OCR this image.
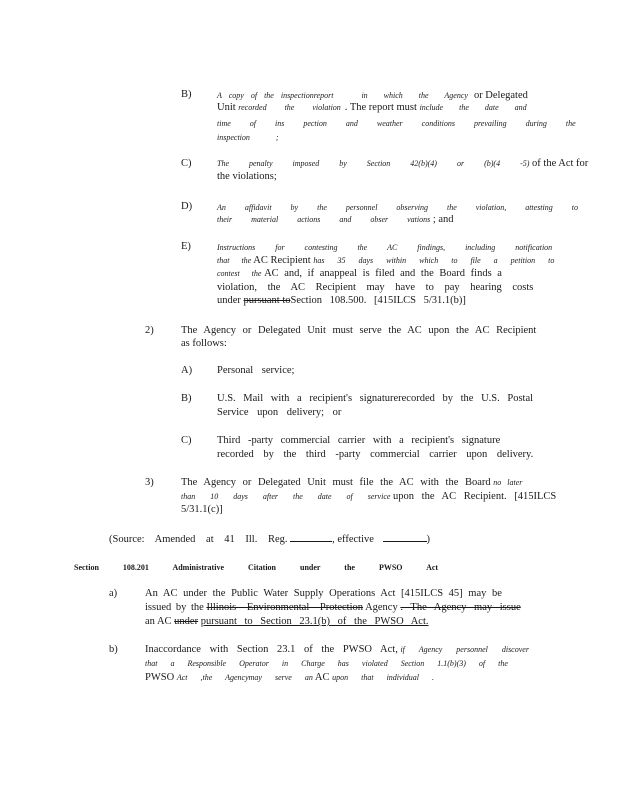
B)	A copy of the inspectionreport	in which the Agency or Delegated
Unit recorded the violation . The report must include the date and
time of ins pection and weather conditions prevailing during the
inspection ;
C)	The penalty imposed by Section 42(b)(4) or (b)(4 -5) of the Act for
the violations;
D)	An affidavit by the personnel observing the violation, attesting to
their material actions and obser vations ; and
E)	Instructions for contesting the AC findings, including notification
that the AC Recipient has 35 days within which to file a petition to
contest the AC and, if anappeal is filed and the Board finds a
violation, the AC Recipient may have to pay hearing costs
under pursuant toSection 108.500. [415ILCS 5/31.1(b)]
2)	The Agency or Delegated Unit must serve the AC upon the AC Recipient
as follows:
A) Personal service;
B) U.S. Mail with a recipient's signaturerecorded by the U.S. Postal
Service upon delivery; or
C) Third -party commercial carrier with a recipient's signature
recorded by the third -party commercial carrier upon delivery.
3)	The Agency or Delegated Unit must file the AC with the Board no later
than 10 days after the date of service upon the AC Recipient. [415ILCS
5/31.1(c)]
(Source: Amended at 41 Ill. Reg.	, effective	)
Section 108.201 Administrative Citation under the PWSO Act
a)	An AC under the Public Water Supply Operations Act [415ILCS 45] may be
issued by the Illinois Environmental Protection Agency . The Agency may issue
an AC under pursuant to Section 23.1(b) of the PWSO Act.
b)	Inaccordance with Section 23.1 of the PWSO Act, if Agency personnel discover
that a Responsible Operator in Charge has violated Section 1.1(b)(3) of the
PWSO Act ,the Agencymay serve an AC upon that individual .
